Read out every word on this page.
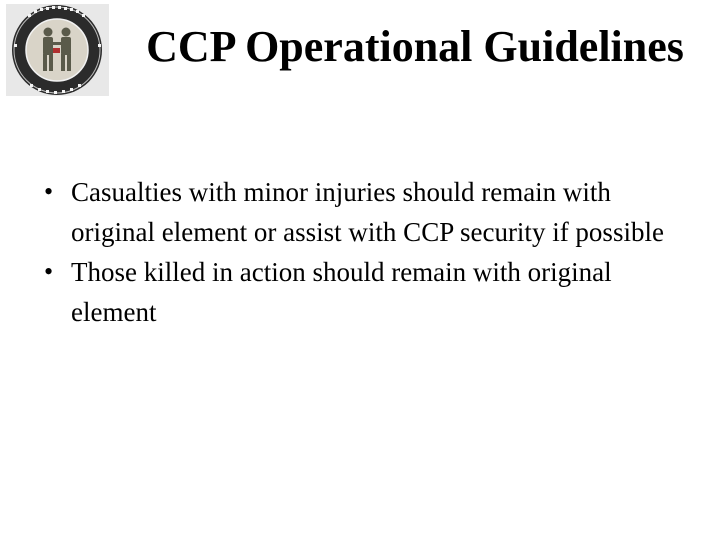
CCP Operational Guidelines
• Casualties with minor injuries should remain with original element or assist with CCP security if possible
• Those killed in action should remain with original element
